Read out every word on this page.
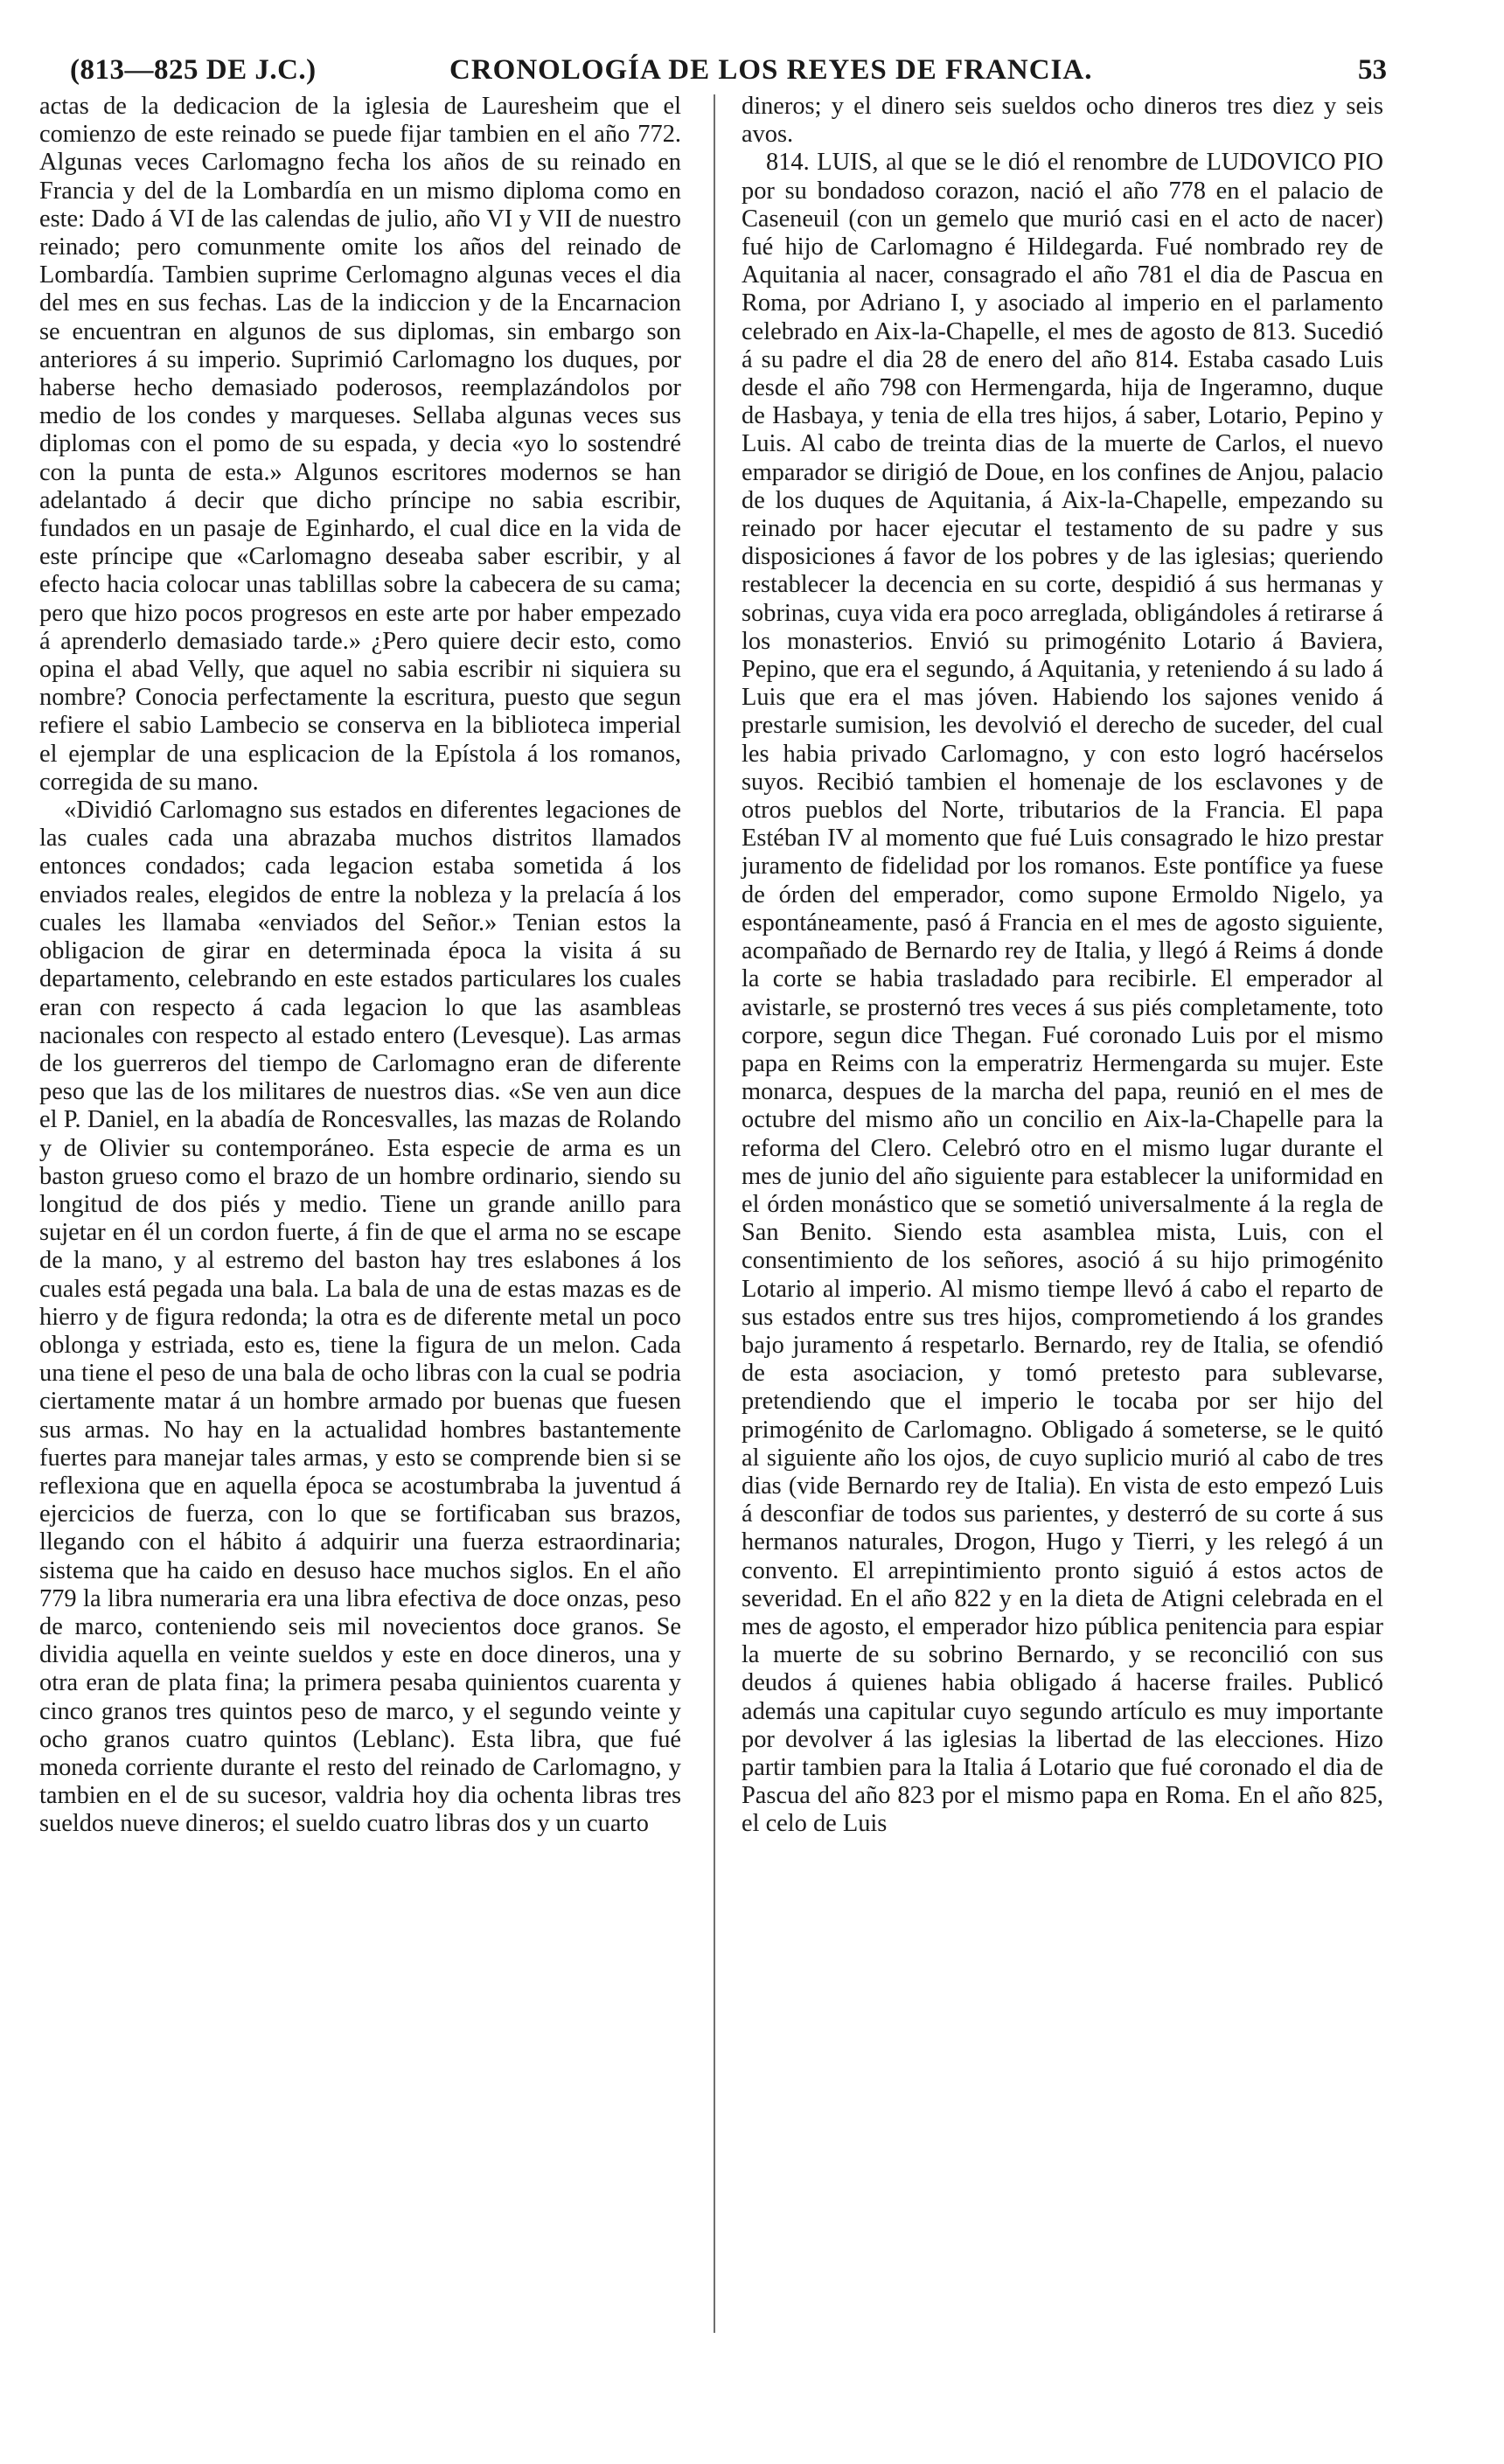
(813—825 DE J.C.)	CRONOLOGÍA DE LOS REYES DE FRANCIA.	53

actas de la dedicacion de la iglesia de Lauresheim que el comienzo de este reinado se puede fijar tambien en el año 772. Algunas veces Carlomagno fecha los años de su reinado en Francia y del de la Lombardía en un mismo diploma como en este: Dado á VI de las calendas de julio, año VI y VII de nuestro reinado; pero comunmente omite los años del reinado de Lombardía. Tambien suprime Cerlomagno algunas veces el dia del mes en sus fechas. Las de la indiccion y de la Encarnacion se encuentran en algunos de sus diplomas, sin embargo son anteriores á su imperio. Suprimió Carlomagno los duques, por haberse hecho demasiado poderosos, reemplazándolos por medio de los condes y marqueses. Sellaba algunas veces sus diplomas con el pomo de su espada, y decia «yo lo sostendré con la punta de esta.» Algunos escritores modernos se han adelantado á decir que dicho príncipe no sabia escribir, fundados en un pasaje de Eginhardo, el cual dice en la vida de este príncipe que «Carlomagno deseaba saber escribir, y al efecto hacia colocar unas tablillas sobre la cabecera de su cama; pero que hizo pocos progresos en este arte por haber empezado á aprenderlo demasiado tarde.» ¿Pero quiere decir esto, como opina el abad Velly, que aquel no sabia escribir ni siquiera su nombre? Conocia perfectamente la escritura, puesto que segun refiere el sabio Lambecio se conserva en la biblioteca imperial el ejemplar de una esplicacion de la Epístola á los romanos, corregida de su mano.

«Dividió Carlomagno sus estados en diferentes legaciones de las cuales cada una abrazaba muchos distritos llamados entonces condados; cada legacion estaba sometida á los enviados reales, elegidos de entre la nobleza y la prelacía á los cuales les llamaba «enviados del Señor.» Tenian estos la obligacion de girar en determinada época la visita á su departamento, celebrando en este estados particulares los cuales eran con respecto á cada legacion lo que las asambleas nacionales con respecto al estado entero (Levesque). Las armas de los guerreros del tiempo de Carlomagno eran de diferente peso que las de los militares de nuestros dias. «Se ven aun dice el P. Daniel, en la abadía de Roncesvalles, las mazas de Rolando y de Olivier su contemporáneo. Esta especie de arma es un baston grueso como el brazo de un hombre ordinario, siendo su longitud de dos piés y medio. Tiene un grande anillo para sujetar en él un cordon fuerte, á fin de que el arma no se escape de la mano, y al estremo del baston hay tres eslabones á los cuales está pegada una bala. La bala de una de estas mazas es de hierro y de figura redonda; la otra es de diferente metal un poco oblonga y estriada, esto es, tiene la figura de un melon. Cada una tiene el peso de una bala de ocho libras con la cual se podria ciertamente matar á un hombre armado por buenas que fuesen sus armas. No hay en la actualidad hombres bastantemente fuertes para manejar tales armas, y esto se comprende bien si se reflexiona que en aquella época se acostumbraba la juventud á ejercicios de fuerza, con lo que se fortificaban sus brazos, llegando con el hábito á adquirir una fuerza estraordinaria; sistema que ha caido en desuso hace muchos siglos. En el año 779 la libra numeraria era una libra efectiva de doce onzas, peso de marco, conteniendo seis mil novecientos doce granos. Se dividia aquella en veinte sueldos y este en doce dineros, una y otra eran de plata fina; la primera pesaba quinientos cuarenta y cinco granos tres quintos peso de marco, y el segundo veinte y ocho granos cuatro quintos (Leblanc). Esta libra, que fué moneda corriente durante el resto del reinado de Carlomagno, y tambien en el de su sucesor, valdria hoy dia ochenta libras tres sueldos nueve dineros; el sueldo cuatro libras dos y un cuarto

dineros; y el dinero seis sueldos ocho dineros tres diez y seis avos.

814. LUIS, al que se le dió el renombre de LUDOVICO PIO por su bondadoso corazon, nació el año 778 en el palacio de Caseneuil (con un gemelo que murió casi en el acto de nacer) fué hijo de Carlomagno é Hildegarda. Fué nombrado rey de Aquitania al nacer, consagrado el año 781 el dia de Pascua en Roma, por Adriano I, y asociado al imperio en el parlamento celebrado en Aix-la-Chapelle, el mes de agosto de 813. Sucedió á su padre el dia 28 de enero del año 814. Estaba casado Luis desde el año 798 con Hermengarda, hija de Ingeramno, duque de Hasbaya, y tenia de ella tres hijos, á saber, Lotario, Pepino y Luis. Al cabo de treinta dias de la muerte de Carlos, el nuevo emparador se dirigió de Doue, en los confines de Anjou, palacio de los duques de Aquitania, á Aix-la-Chapelle, empezando su reinado por hacer ejecutar el testamento de su padre y sus disposiciones á favor de los pobres y de las iglesias; queriendo restablecer la decencia en su corte, despidió á sus hermanas y sobrinas, cuya vida era poco arreglada, obligándoles á retirarse á los monasterios. Envió su primogénito Lotario á Baviera, Pepino, que era el segundo, á Aquitania, y reteniendo á su lado á Luis que era el mas jóven. Habiendo los sajones venido á prestarle sumision, les devolvió el derecho de suceder, del cual les habia privado Carlomagno, y con esto logró hacérselos suyos. Recibió tambien el homenaje de los esclavones y de otros pueblos del Norte, tributarios de la Francia. El papa Estéban IV al momento que fué Luis consagrado le hizo prestar juramento de fidelidad por los romanos. Este pontífice ya fuese de órden del emperador, como supone Ermoldo Nigelo, ya espontáneamente, pasó á Francia en el mes de agosto siguiente, acompañado de Bernardo rey de Italia, y llegó á Reims á donde la corte se habia trasladado para recibirle. El emperador al avistarle, se prosternó tres veces á sus piés completamente, toto corpore, segun dice Thegan. Fué coronado Luis por el mismo papa en Reims con la emperatriz Hermengarda su mujer. Este monarca, despues de la marcha del papa, reunió en el mes de octubre del mismo año un concilio en Aix-la-Chapelle para la reforma del Clero. Celebró otro en el mismo lugar durante el mes de junio del año siguiente para establecer la uniformidad en el órden monástico que se sometió universalmente á la regla de San Benito. Siendo esta asamblea mista, Luis, con el consentimiento de los señores, asoció á su hijo primogénito Lotario al imperio. Al mismo tiempe llevó á cabo el reparto de sus estados entre sus tres hijos, comprometiendo á los grandes bajo juramento á respetarlo. Bernardo, rey de Italia, se ofendió de esta asociacion, y tomó pretesto para sublevarse, pretendiendo que el imperio le tocaba por ser hijo del primogénito de Carlomagno. Obligado á someterse, se le quitó al siguiente año los ojos, de cuyo suplicio murió al cabo de tres dias (vide Bernardo rey de Italia). En vista de esto empezó Luis á desconfiar de todos sus parientes, y desterró de su corte á sus hermanos naturales, Drogon, Hugo y Tierri, y les relegó á un convento. El arrepintimiento pronto siguió á estos actos de severidad. En el año 822 y en la dieta de Atigni celebrada en el mes de agosto, el emperador hizo pública penitencia para espiar la muerte de su sobrino Bernardo, y se reconcilió con sus deudos á quienes habia obligado á hacerse frailes. Publicó además una capitular cuyo segundo artículo es muy importante por devolver á las iglesias la libertad de las elecciones. Hizo partir tambien para la Italia á Lotario que fué coronado el dia de Pascua del año 823 por el mismo papa en Roma. En el año 825, el celo de Luis
